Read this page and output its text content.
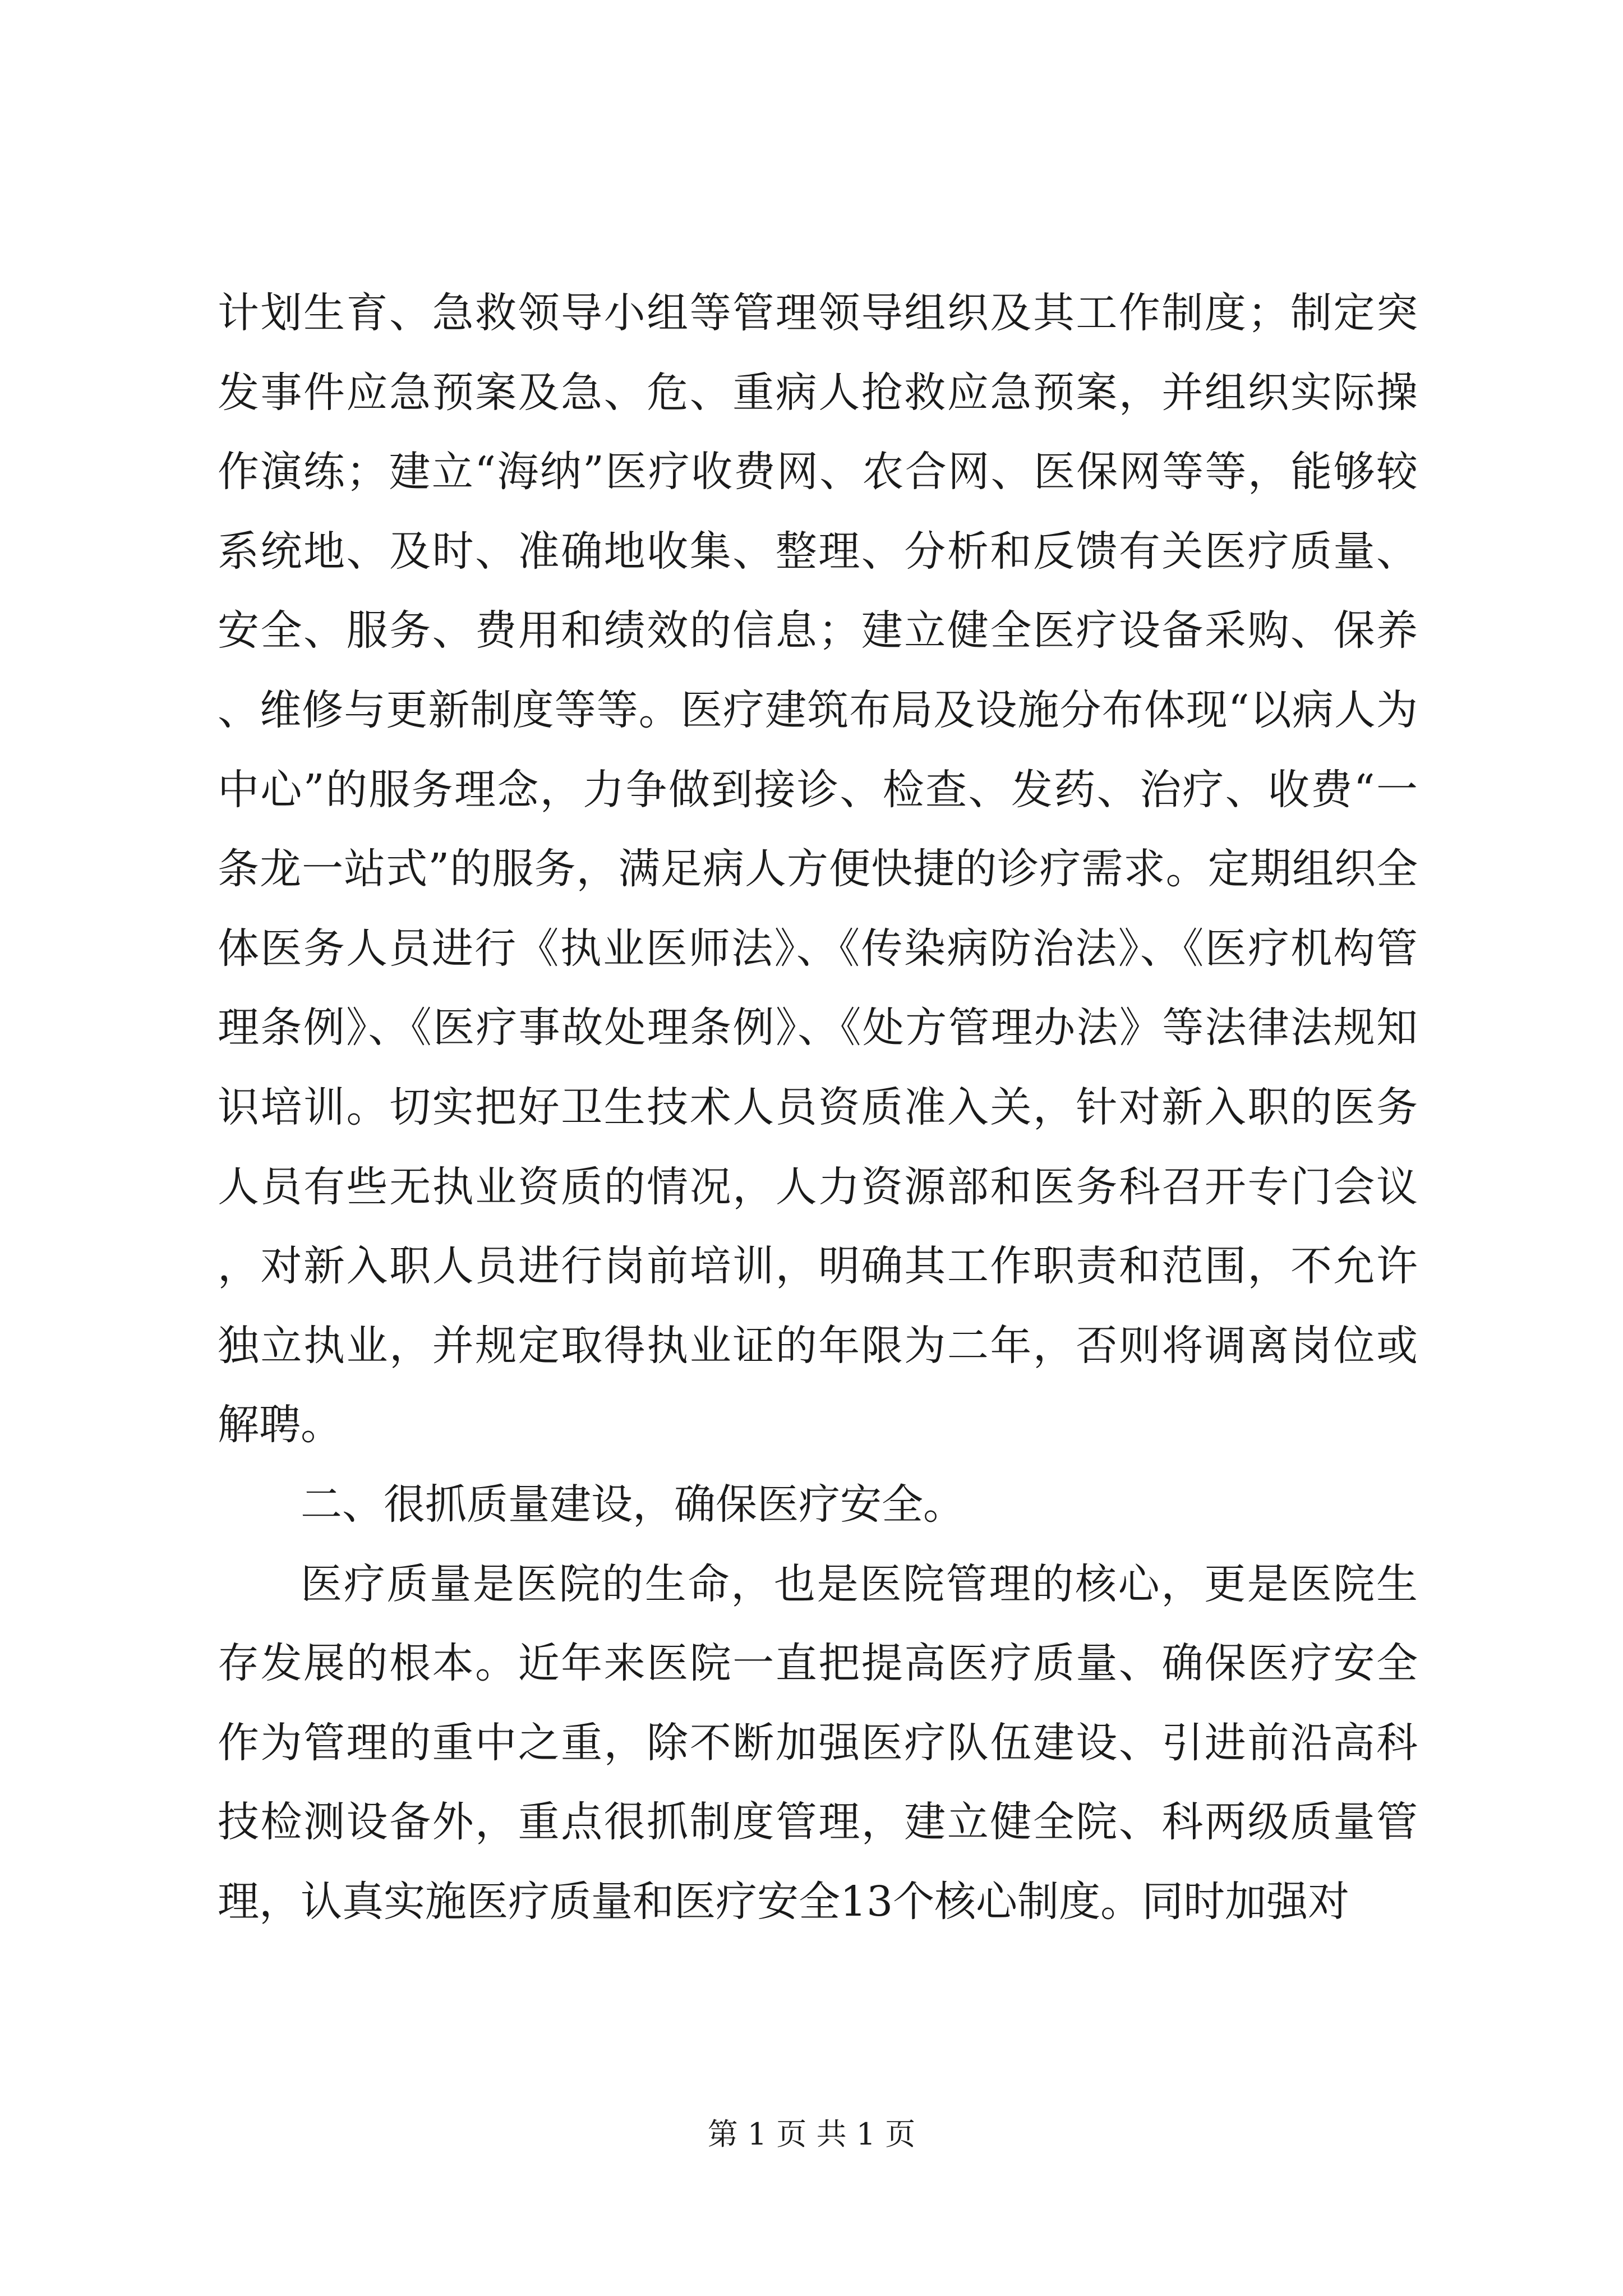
计划生育、急救领导小组等管理领导组织及其工作制度；制定突发事件应急预案及急、危、重病人抢救应急预案，并组织实际操作演练；建立“海纳”医疗收费网、农合网、医保网等等，能够较系统地、及时、准确地收集、整理、分析和反馈有关医疗质量、安全、服务、费用和绩效的信息；建立健全医疗设备采购、保养、维修与更新制度等等。医疗建筑布局及设施分布体现“以病人为中心”的服务理念，力争做到接诊、检查、发药、治疗、收费“一条龙一站式”的服务，满足病人方便快捷的诊疗需求。定期组织全体医务人员进行《执业医师法》、《传染病防治法》、《医疗机构管理条例》、《医疗事故处理条例》、《处方管理办法》等法律法规知识培训。切实把好卫生技术人员资质准入关，针对新入职的医务人员有些无执业资质的情况，人力资源部和医务科召开专门会议，对新入职人员进行岗前培训，明确其工作职责和范围，不允许独立执业，并规定取得执业证的年限为二年，否则将调离岗位或解聘。

二、很抓质量建设，确保医疗安全。

医疗质量是医院的生命，也是医院管理的核心，更是医院生存发展的根本。近年来医院一直把提高医疗质量、确保医疗安全作为管理的重中之重，除不断加强医疗队伍建设、引进前沿高科技检测设备外，重点很抓制度管理，建立健全院、科两级质量管理，认真实施医疗质量和医疗安全13个核心制度。同时加强对

第 1 页 共 1 页
